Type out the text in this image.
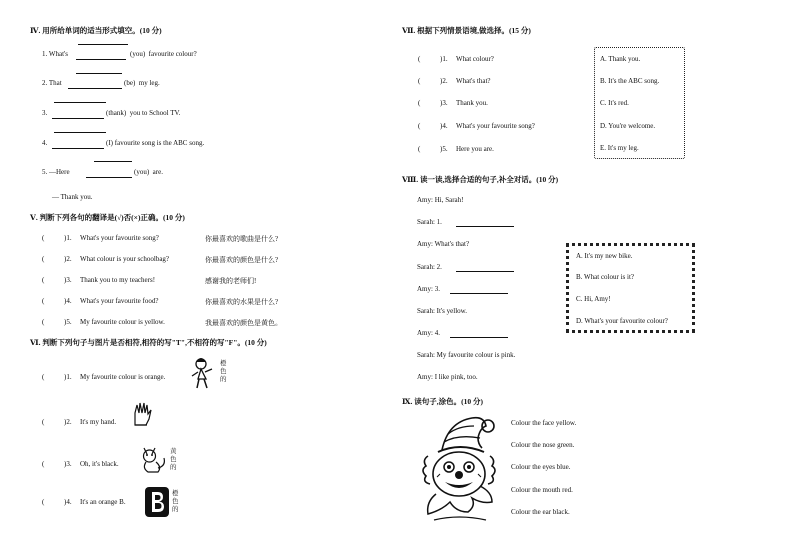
Ⅳ. 用所给单词的适当形式填空。(10 分)
1. What's	(you) favourite colour?
2. That	(be) my leg.
3.	(thank) you to School TV.
4.	(I) favourite song is the ABC song.
5. —Here	(you) are.
— Thank you.
Ⅴ. 判断下列各句的翻译是(√)否(×)正确。(10 分)
(	)1. What's your favourite song?	你最喜欢的歌曲是什么?
(	)2. What colour is your schoolbag?	你最喜欢的颜色是什么?
(	)3. Thank you to my teachers!	感谢我的老师们!
(	)4. What's your favourite food?	你最喜欢的水果是什么?
(	)5. My favourite colour is yellow.	我最喜欢的颜色是黄色。
Ⅵ. 判断下列句子与图片是否相符,相符的写"T",不相符的写"F"。(10 分)
(	)1. My favourite colour is orange.
橙色的
(	)2. It's my hand.
(	)3. Oh, it's black.
黄色的
(	)4. It's an orange B.
橙色的
Ⅶ. 根据下列情景语境,做选择。(15 分)
(	)1. What colour?
(	)2. What's that?
(	)3. Thank you.
(	)4. What's your favourite song?
(	)5. Here you are.
A. Thank you.
B. It's the ABC song.
C. It's red.
D. You're welcome.
E. It's my leg.
Ⅷ. 读一读,选择合适的句子,补全对话。(10 分)
Amy: Hi, Sarah!
Sarah: 1.
Amy: What's that?
Sarah: 2.
Amy: 3.
Sarah: It's yellow.
Amy: 4.
Sarah: My favourite colour is pink.
Amy: I like pink, too.
A. It's my new bike.
B. What colour is it?
C. Hi, Amy!
D. What's your favourite colour?
Ⅸ. 读句子,涂色。(10 分)
Colour the face yellow.
Colour the nose green.
Colour the eyes blue.
Colour the mouth red.
Colour the ear black.
